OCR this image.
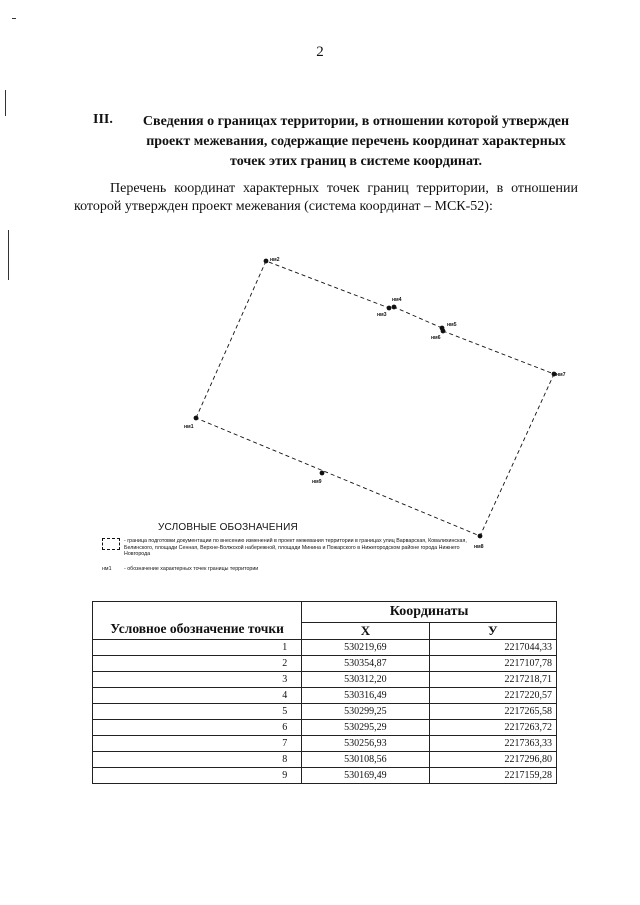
2
III.	Сведения о границах территории, в отношении которой утвержден проект межевания, содержащие перечень координат характерных точек этих границ в системе координат.
Перечень координат характерных точек границ территории, в отношении которой утвержден проект межевания (система координат – МСК-52):
нм1
нм2
нм3
нм4
нм5
нм6
нм7
нм8
нм9
УСЛОВНЫЕ ОБОЗНАЧЕНИЯ
- граница подготовки документации по внесению изменений в проект межевания территории в границах улиц Варварская, Ковалихинская, Белинского, площади Сенная, Верхне-Волжской набережной, площади Минина и Пожарского в Нижегородском районе города Нижнего Новгорода
нм1 - обозначение характерных точек границы территории
Условное обозначение точки	Координаты	
	X	У
1	530219,69	2217044,33
2	530354,87	2217107,78
3	530312,20	2217218,71
4	530316,49	2217220,57
5	530299,25	2217265,58
6	530295,29	2217263,72
7	530256,93	2217363,33
8	530108,56	2217296,80
9	530169,49	2217159,28
